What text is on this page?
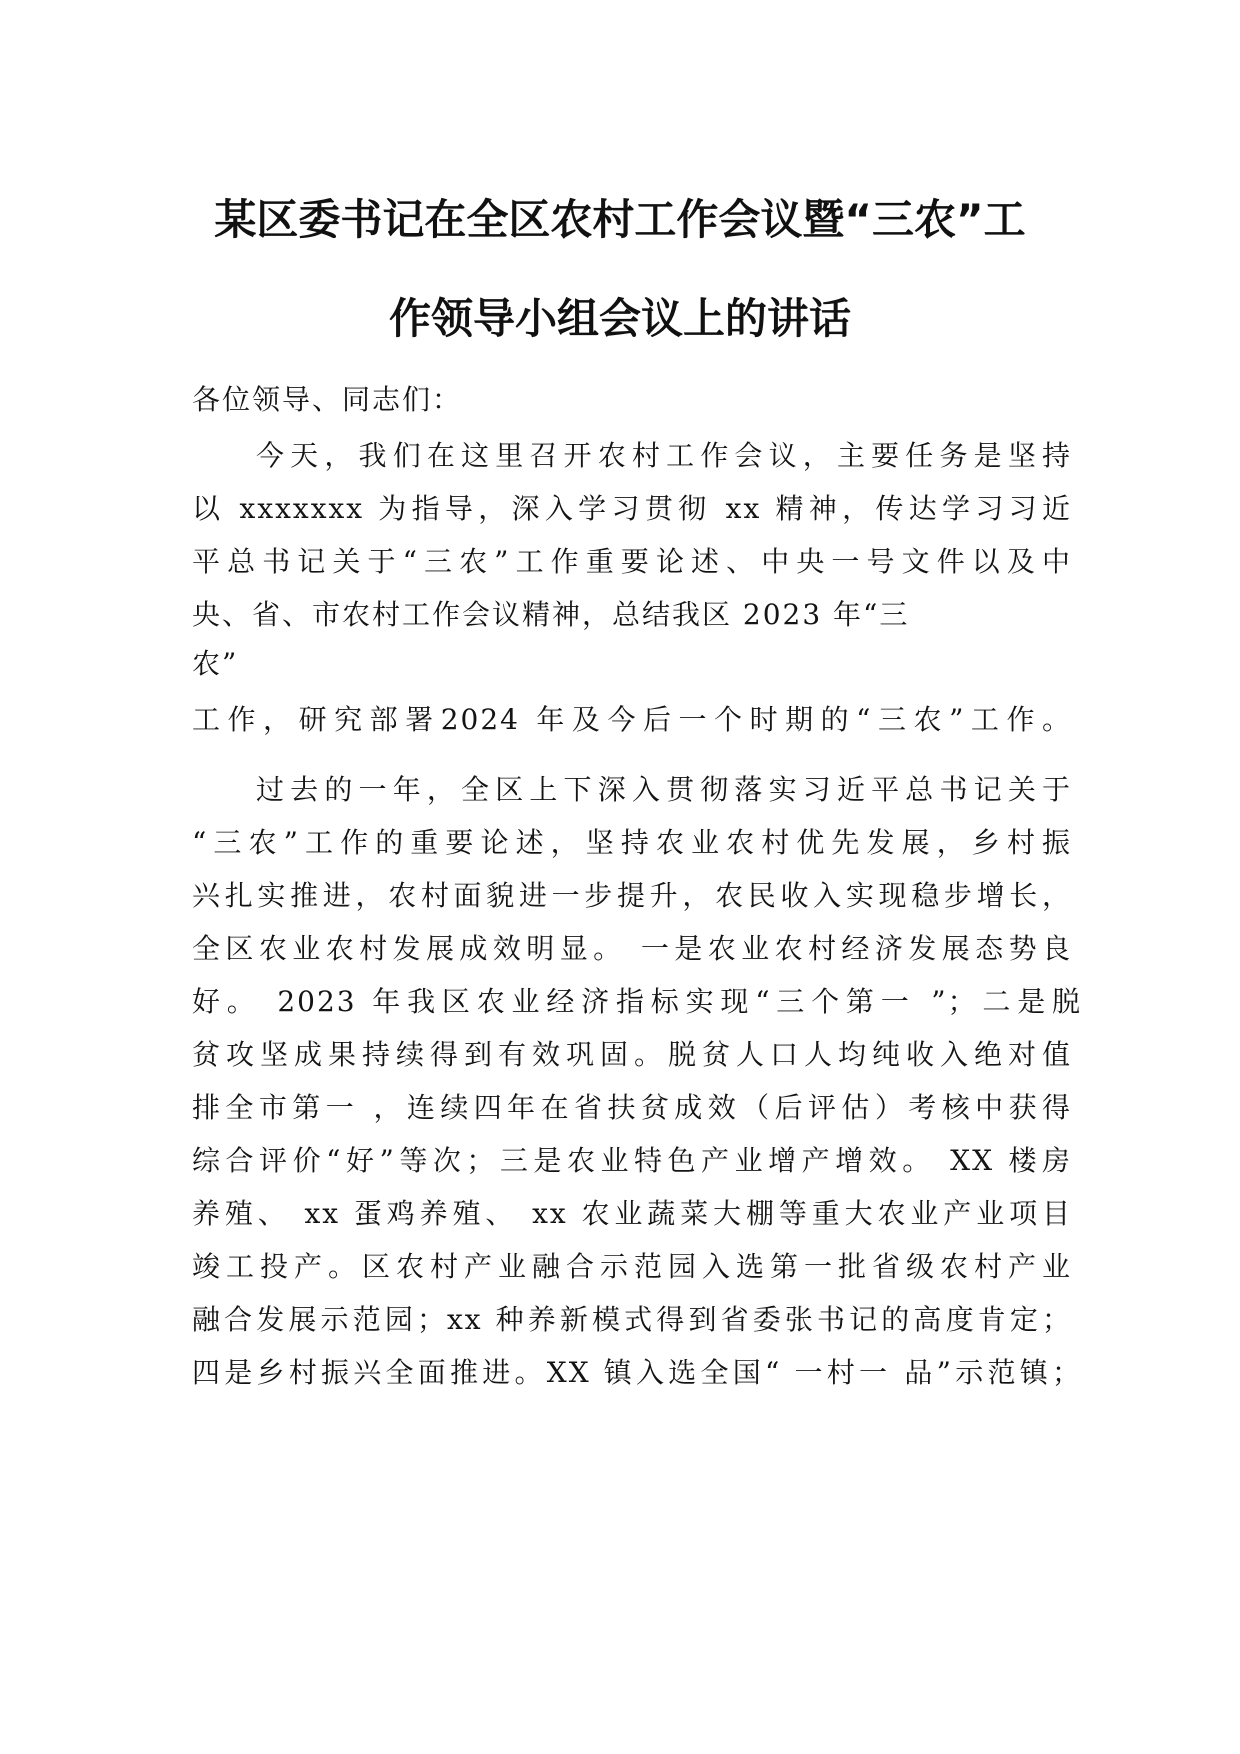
某区委书记在全区农村工作会议暨“三农”工
作领导小组会议上的讲话
各位领导、同志们：
今天，我们在这里召开农村工作会议，主要任务是坚持
以 xxxxxxx 为指导，深入学习贯彻 xx 精神，传达学习习近
平总书记关于“三农”工作重要论述、中央一号文件以及中
央、省、市农村工作会议精神，总结我区 2023 年“三
农”
工作，研究部署2024 年及今后一个时期的“三农”工作。
过去的一年，全区上下深入贯彻落实习近平总书记关于
“三农”工作的重要论述，坚持农业农村优先发展，乡村振
兴扎实推进，农村面貌进一步提升，农民收入实现稳步增长，
全区农业农村发展成效明显。 一是农业农村经济发展态势良
好。 2023 年我区农业经济指标实现“三个第一 ”；二是脱
贫攻坚成果持续得到有效巩固。脱贫人口人均纯收入绝对值
排全市第一 ，连续四年在省扶贫成效（后评估）考核中获得
综合评价“好”等次；三是农业特色产业增产增效。 XX 楼房
养殖、 xx 蛋鸡养殖、 xx 农业蔬菜大棚等重大农业产业项目
竣工投产。区农村产业融合示范园入选第一批省级农村产业
融合发展示范园；xx 种养新模式得到省委张书记的高度肯定；
四是乡村振兴全面推进。XX 镇入选全国“ 一村一 品”示范镇；
